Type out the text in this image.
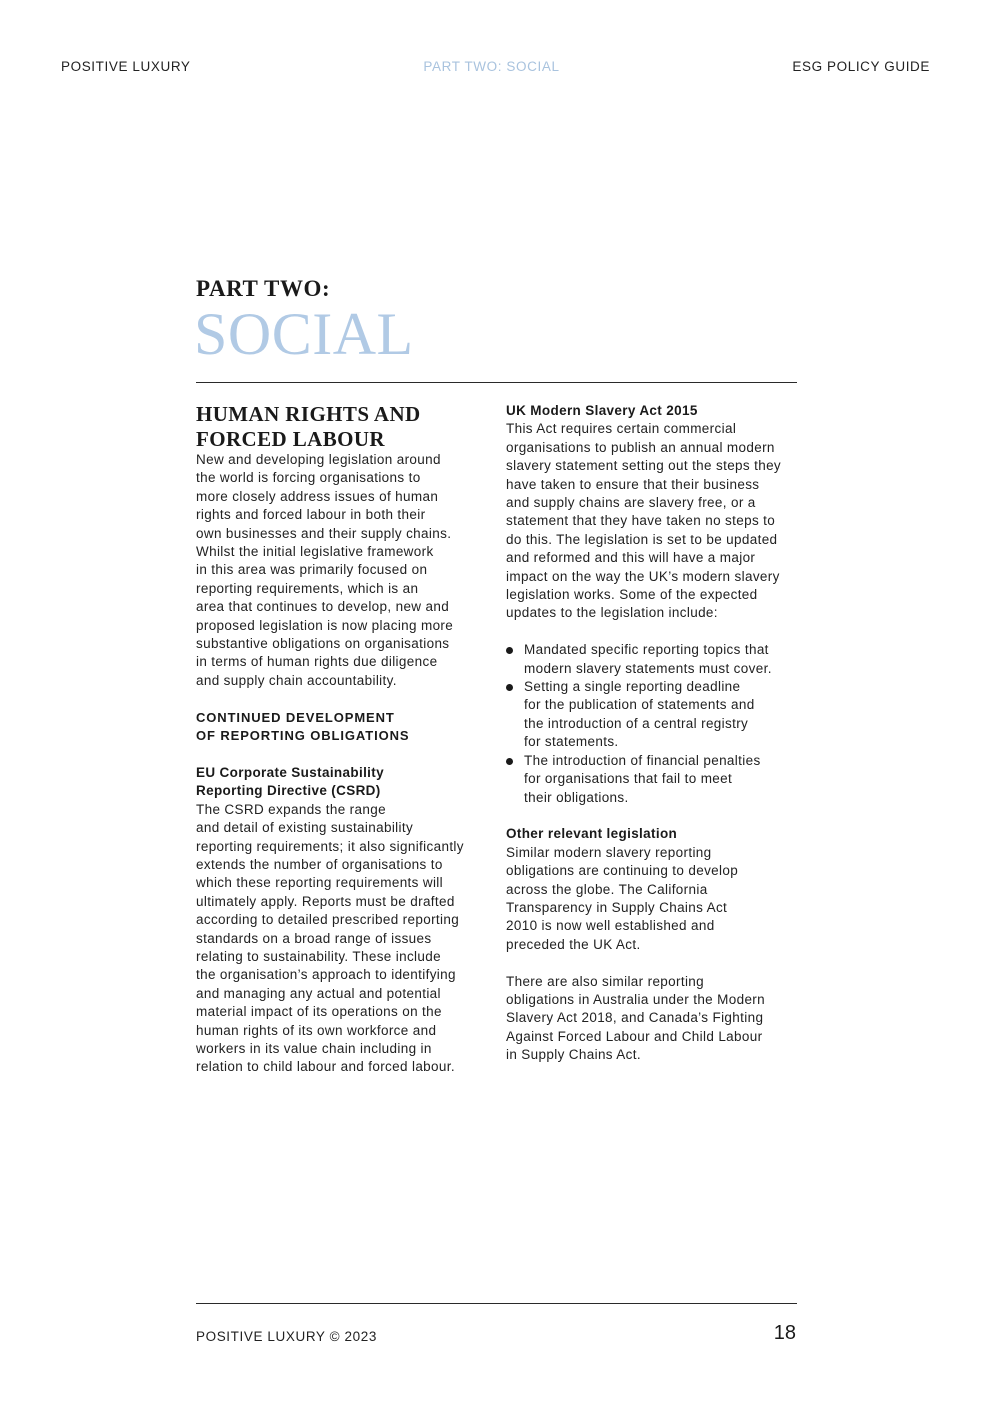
POSITIVE LUXURY	PART TWO: SOCIAL	ESG POLICY GUIDE
PART TWO:
SOCIAL
HUMAN RIGHTS AND
FORCED LABOUR

New and developing legislation around
the world is forcing organisations to
more closely address issues of human
rights and forced labour in both their
own businesses and their supply chains.
Whilst the initial legislative framework
in this area was primarily focused on
reporting requirements, which is an
area that continues to develop, new and
proposed legislation is now placing more
substantive obligations on organisations
in terms of human rights due diligence
and supply chain accountability.

CONTINUED DEVELOPMENT
OF REPORTING OBLIGATIONS

EU Corporate Sustainability
Reporting Directive (CSRD)

The CSRD expands the range
and detail of existing sustainability
reporting requirements; it also significantly
extends the number of organisations to
which these reporting requirements will
ultimately apply. Reports must be drafted
according to detailed prescribed reporting
standards on a broad range of issues
relating to sustainability. These include
the organisation’s approach to identifying
and managing any actual and potential
material impact of its operations on the
human rights of its own workforce and
workers in its value chain including in
relation to child labour and forced labour.

UK Modern Slavery Act 2015

This Act requires certain commercial
organisations to publish an annual modern
slavery statement setting out the steps they
have taken to ensure that their business
and supply chains are slavery free, or a
statement that they have taken no steps to
do this. The legislation is set to be updated
and reformed and this will have a major
impact on the way the UK’s modern slavery
legislation works. Some of the expected
updates to the legislation include:

Mandated specific reporting topics that
modern slavery statements must cover.
Setting a single reporting deadline
for the publication of statements and
the introduction of a central registry
for statements.
The introduction of financial penalties
for organisations that fail to meet
their obligations.

Other relevant legislation

Similar modern slavery reporting
obligations are continuing to develop
across the globe. The California
Transparency in Supply Chains Act
2010 is now well established and
preceded the UK Act.

There are also similar reporting
obligations in Australia under the Modern
Slavery Act 2018, and Canada’s Fighting
Against Forced Labour and Child Labour
in Supply Chains Act.

POSITIVE LUXURY © 2023	18
